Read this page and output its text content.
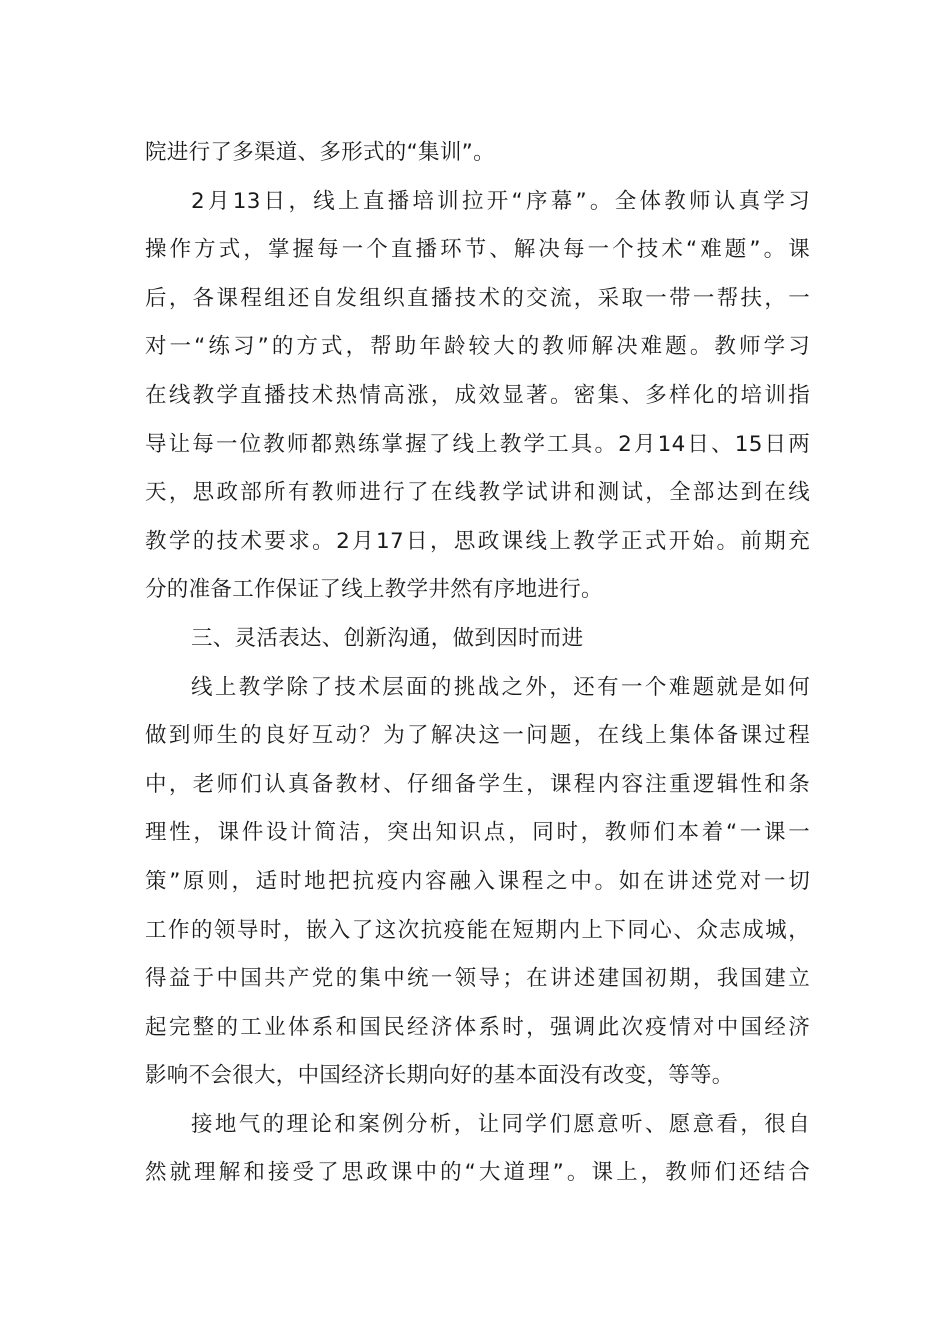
院进行了多渠道、多形式的“集训”。
2月13日，线上直播培训拉开“序幕”。全体教师认真学习
操作方式，掌握每一个直播环节、解决每一个技术“难题”。课
后，各课程组还自发组织直播技术的交流，采取一带一帮扶，一
对一“练习”的方式，帮助年龄较大的教师解决难题。教师学习
在线教学直播技术热情高涨，成效显著。密集、多样化的培训指
导让每一位教师都熟练掌握了线上教学工具。2月14日、15日两
天，思政部所有教师进行了在线教学试讲和测试，全部达到在线
教学的技术要求。2月17日，思政课线上教学正式开始。前期充
分的准备工作保证了线上教学井然有序地进行。
三、灵活表达、创新沟通，做到因时而进
线上教学除了技术层面的挑战之外，还有一个难题就是如何
做到师生的良好互动？为了解决这一问题，在线上集体备课过程
中，老师们认真备教材、仔细备学生，课程内容注重逻辑性和条
理性，课件设计简洁，突出知识点，同时，教师们本着“一课一
策”原则，适时地把抗疫内容融入课程之中。如在讲述党对一切
工作的领导时，嵌入了这次抗疫能在短期内上下同心、众志成城，
得益于中国共产党的集中统一领导；在讲述建国初期，我国建立
起完整的工业体系和国民经济体系时，强调此次疫情对中国经济
影响不会很大，中国经济长期向好的基本面没有改变，等等。
接地气的理论和案例分析，让同学们愿意听、愿意看，很自
然就理解和接受了思政课中的“大道理”。课上，教师们还结合
